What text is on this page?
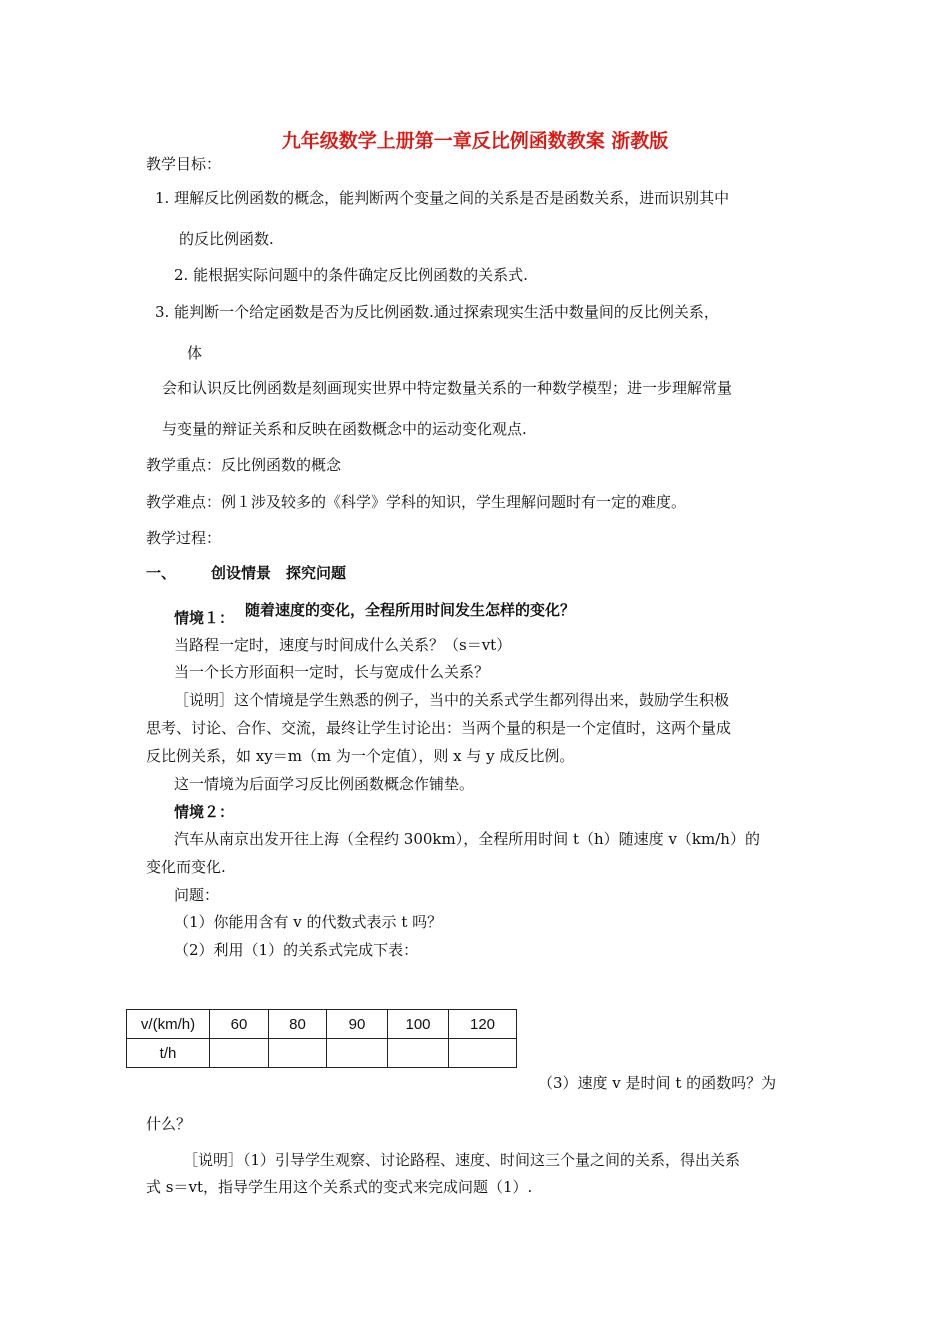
九年级数学上册第一章反比例函数教案 浙教版
教学目标：
1. 理解反比例函数的概念，能判断两个变量之间的关系是否是函数关系，进而识别其中
的反比例函数.
2. 能根据实际问题中的条件确定反比例函数的关系式.
3. 能判断一个给定函数是否为反比例函数.通过探索现实生活中数量间的反比例关系，
体
会和认识反比例函数是刻画现实世界中特定数量关系的一种数学模型；进一步理解常量
与变量的辩证关系和反映在函数概念中的运动变化观点.
教学重点：反比例函数的概念
教学难点：例１涉及较多的《科学》学科的知识，学生理解问题时有一定的难度。
教学过程：
一、 创设情景　探究问题
情境１： 随着速度的变化，全程所用时间发生怎样的变化？
当路程一定时，速度与时间成什么关系？（s＝vt）
当一个长方形面积一定时，长与宽成什么关系？
［说明］这个情境是学生熟悉的例子，当中的关系式学生都列得出来，鼓励学生积极
思考、讨论、合作、交流，最终让学生讨论出：当两个量的积是一个定值时，这两个量成
反比例关系，如 xy＝m（m 为一个定值），则 x 与 y 成反比例。
这一情境为后面学习反比例函数概念作铺垫。
情境２：
汽车从南京出发开往上海（全程约 300km），全程所用时间 t（h）随速度 v（km/h）的
变化而变化.
问题：
（1）你能用含有 v 的代数式表示 t 吗？
（2）利用（1）的关系式完成下表：
v/(km/h)	60	80	90	100	120
t/h					
（3）速度 v 是时间 t 的函数吗？为
什么？
［说明］（1）引导学生观察、讨论路程、速度、时间这三个量之间的关系，得出关系
式 s＝vt，指导学生用这个关系式的变式来完成问题（1）.
